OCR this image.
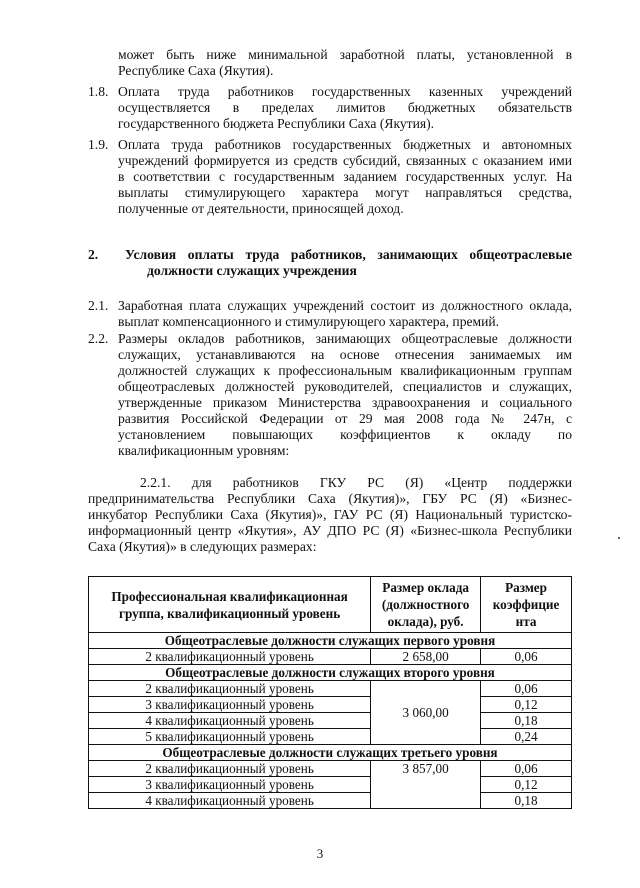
может быть ниже минимальной заработной платы, установленной в
Республике Саха (Якутия).
1.8. Оплата труда работников государственных казенных учреждений
осуществляется в пределах лимитов бюджетных обязательств
государственного бюджета Республики Саха (Якутия).
1.9. Оплата труда работников государственных бюджетных и автономных
учреждений формируется из средств субсидий, связанных с оказанием ими
в соответствии с государственным заданием государственных услуг. На
выплаты стимулирующего характера могут направляться средства,
полученные от деятельности, приносящей доход.
2. Условия оплаты труда работников, занимающих общеотраслевые
должности служащих учреждения
2.1. Заработная плата служащих учреждений состоит из должностного оклада,
выплат компенсационного и стимулирующего характера, премий.
2.2. Размеры окладов работников, занимающих общеотраслевые должности
служащих, устанавливаются на основе отнесения занимаемых им
должностей служащих к профессиональным квалификационным группам
общеотраслевых должностей руководителей, специалистов и служащих,
утвержденные приказом Министерства здравоохранения и социального
развития Российской Федерации от 29 мая 2008 года № 247н, с
установлением повышающих коэффициентов к окладу по
квалификационным уровням:
2.2.1. для работников ГКУ РС (Я) «Центр поддержки
предпринимательства Республики Саха (Якутия)», ГБУ РС (Я) «Бизнес-
инкубатор Республики Саха (Якутия)», ГАУ РС (Я) Национальный туристско-
информационный центр «Якутия», АУ ДПО РС (Я) «Бизнес-школа Республики
Саха (Якутия)» в следующих размерах:
Профессиональная квалификационная группа, квалификационный уровень	Размер оклада (должностного оклада), руб.	Размер коэффицие нта
Общеотраслевые должности служащих первого уровня		
2 квалификационный уровень	2 658,00	0,06
Общеотраслевые должности служащих второго уровня		
2 квалификационный уровень	3 060,00	0,06
3 квалификационный уровень		0,12
4 квалификационный уровень		0,18
5 квалификационный уровень		0,24
Общеотраслевые должности служащих третьего уровня		
2 квалификационный уровень	3 857,00	0,06
3 квалификационный уровень		0,12
4 квалификационный уровень		0,18
3
